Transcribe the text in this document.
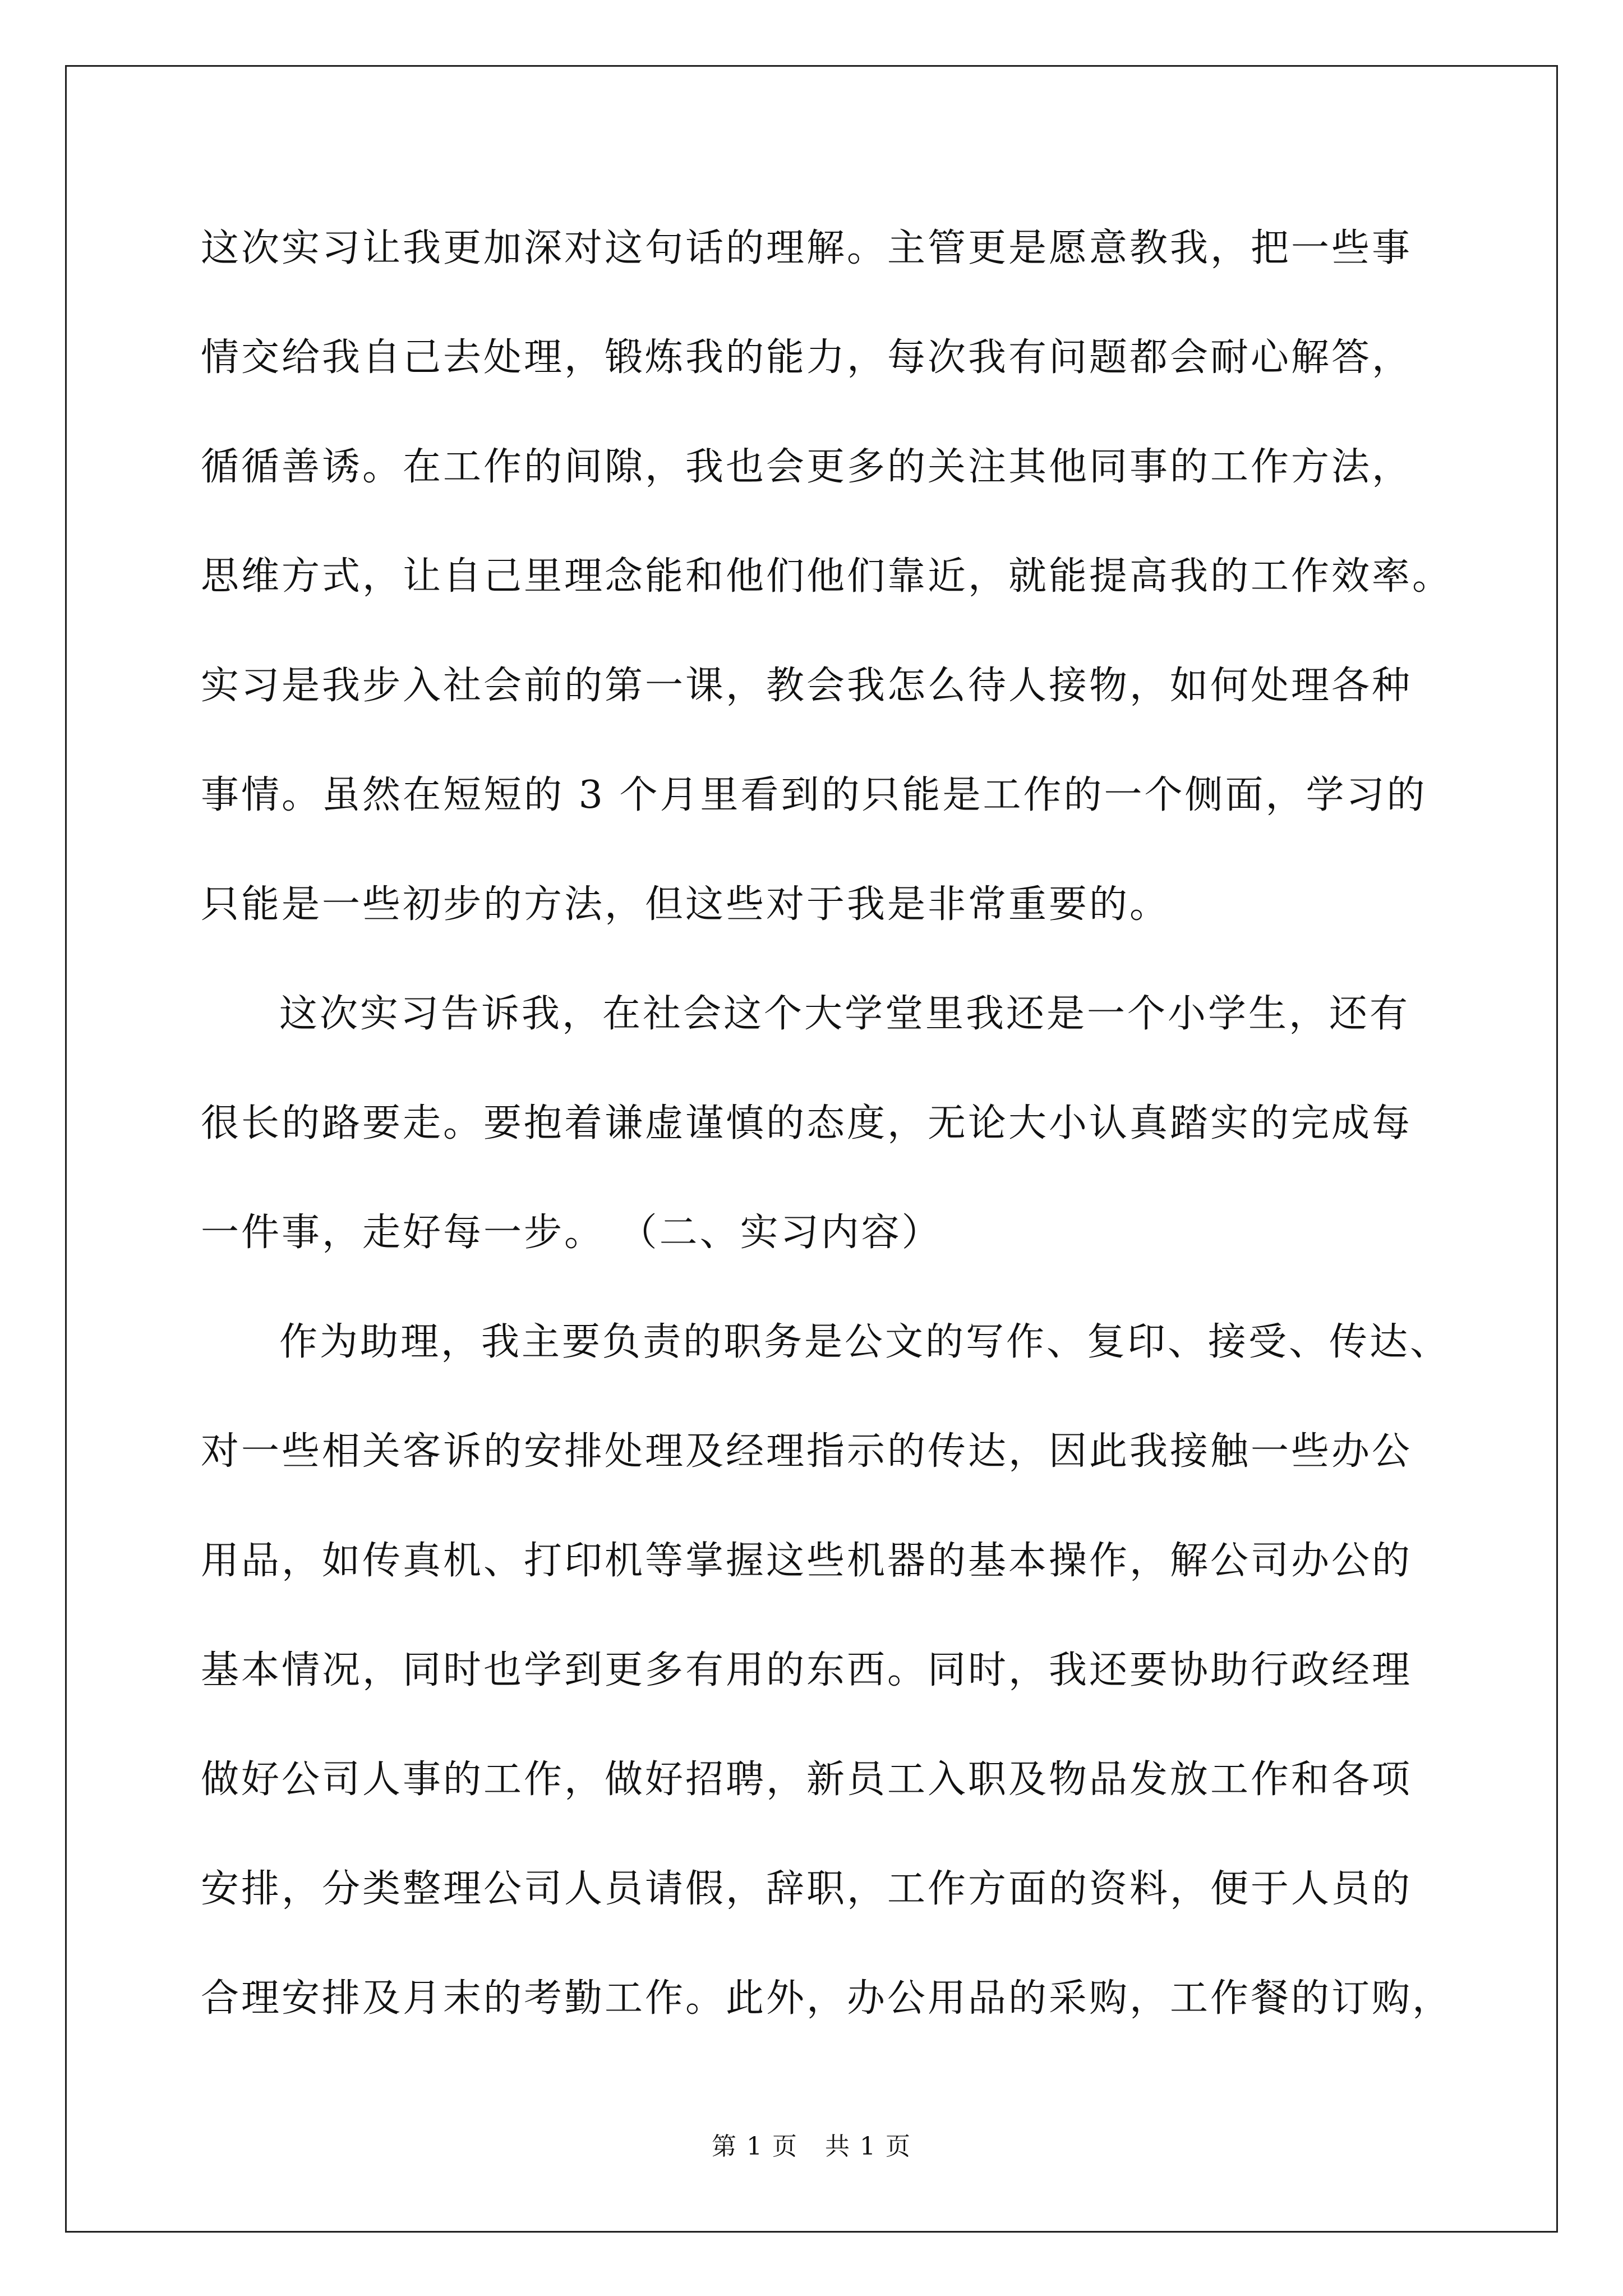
这次实习让我更加深对这句话的理解。主管更是愿意教我，把一些事
情交给我自己去处理，锻炼我的能力，每次我有问题都会耐心解答，
循循善诱。在工作的间隙，我也会更多的关注其他同事的工作方法，
思维方式，让自己里理念能和他们他们靠近，就能提高我的工作效率。
实习是我步入社会前的第一课，教会我怎么待人接物，如何处理各种
事情。虽然在短短的 3 个月里看到的只能是工作的一个侧面，学习的
只能是一些初步的方法，但这些对于我是非常重要的。
这次实习告诉我，在社会这个大学堂里我还是一个小学生，还有
很长的路要走。要抱着谦虚谨慎的态度，无论大小认真踏实的完成每
一件事，走好每一步。 （二、实习内容）
作为助理，我主要负责的职务是公文的写作、复印、接受、传达、
对一些相关客诉的安排处理及经理指示的传达，因此我接触一些办公
用品，如传真机、打印机等掌握这些机器的基本操作，解公司办公的
基本情况，同时也学到更多有用的东西。同时，我还要协助行政经理
做好公司人事的工作，做好招聘，新员工入职及物品发放工作和各项
安排，分类整理公司人员请假，辞职，工作方面的资料，便于人员的
合理安排及月末的考勤工作。此外，办公用品的采购，工作餐的订购，
第 1 页   共 1 页
